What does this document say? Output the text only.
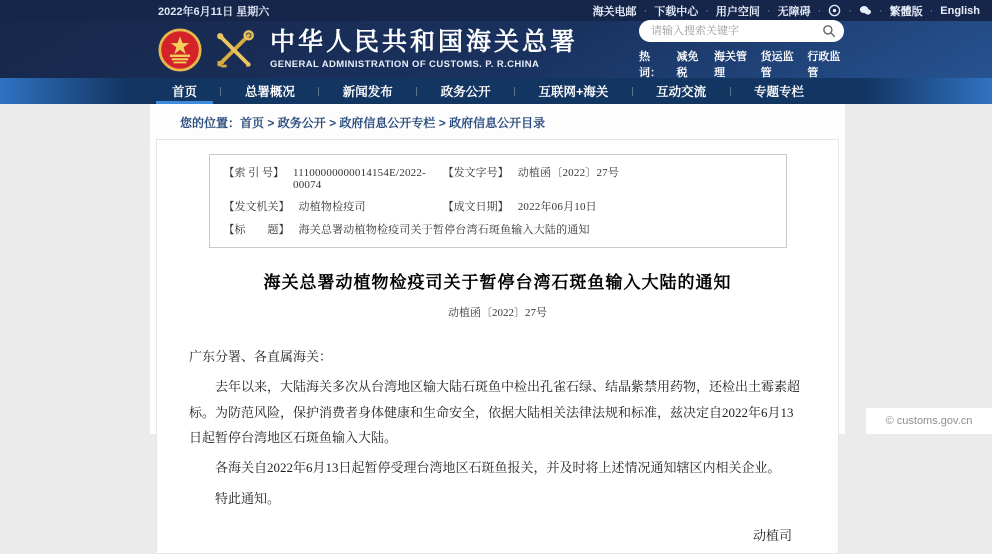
2022年6月11日 星期六	海关电邮 · 下载中心 · 用户空间 · 无障碍 · · ·	繁體版 · English
中华人民共和国海关总署
GENERAL ADMINISTRATION OF CUSTOMS. P. R.CHINA
请输入搜索关键字
热词：
减免税
海关管理
货运监管
行政监管
首页	总署概况	新闻发布	政务公开	互联网+海关	互动交流	专题专栏
您的位置：首页 > 政务公开 > 政府信息公开专栏 > 政府信息公开目录
【索 引 号】 11100000000014154E/2022-00074
【发文字号】 动植函〔2022〕27号
【发文机关】 动植物检疫司	【成文日期】 2022年06月10日
【标　　题】 海关总署动植物检疫司关于暂停台湾石斑鱼输入大陆的通知
海关总署动植物检疫司关于暂停台湾石斑鱼输入大陆的通知
动植函〔2022〕27号

广东分署、各直属海关：

去年以来，大陆海关多次从台湾地区输大陆石斑鱼中检出孔雀石绿、结晶紫禁用药物，还检出土霉素超标。为防范风险，保护消费者身体健康和生命安全，依据大陆相关法律法规和标准，兹决定自2022年6月13日起暂停台湾地区石斑鱼输入大陆。

各海关自2022年6月13日起暂停受理台湾地区石斑鱼报关，并及时将上述情况通知辖区内相关企业。

特此通知。

动植司

© customs.gov.cn
